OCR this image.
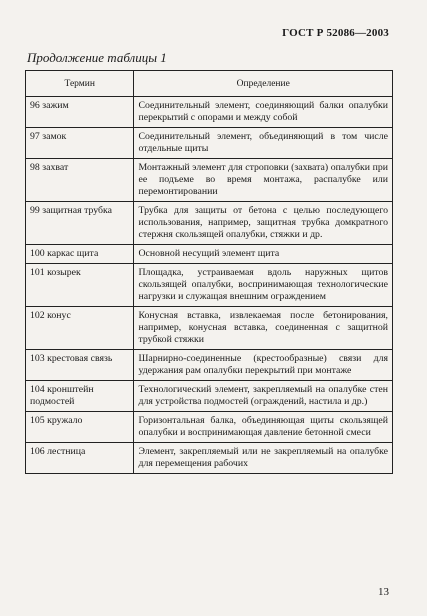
ГОСТ Р 52086—2003
Продолжение таблицы 1
Термин	Определение
96 зажим	Соединительный элемент, соединяющий балки опалубки перекрытий с опорами и между собой
97 замок	Соединительный элемент, объединяющий в том числе отдельные щиты
98 захват	Монтажный элемент для строповки (захвата) опалубки при ее подъеме во время монтажа, распалубке или перемонтировании
99 защитная трубка	Трубка для защиты от бетона с целью последующего использования, например, защитная трубка домкратного стержня скользящей опалубки, стяжки и др.
100 каркас щита	Основной несущий элемент щита
101 козырек	Площадка, устраиваемая вдоль наружных щитов скользящей опалубки, воспринимающая технологические нагрузки и служащая внешним ограждением
102 конус	Конусная вставка, извлекаемая после бетонирования, например, конусная вставка, соединенная с защитной трубкой стяжки
103 крестовая связь	Шарнирно-соединенные (крестообразные) связи для удержания рам опалубки перекрытий при монтаже
104 кронштейн подмостей	Технологический элемент, закрепляемый на опалубке стен для устройства подмостей (ограждений, настила и др.)
105 кружало	Горизонтальная балка, объединяющая щиты скользящей опалубки и воспринимающая давление бетонной смеси
106 лестница	Элемент, закрепляемый или не закрепляемый на опалубке для перемещения рабочих
13
